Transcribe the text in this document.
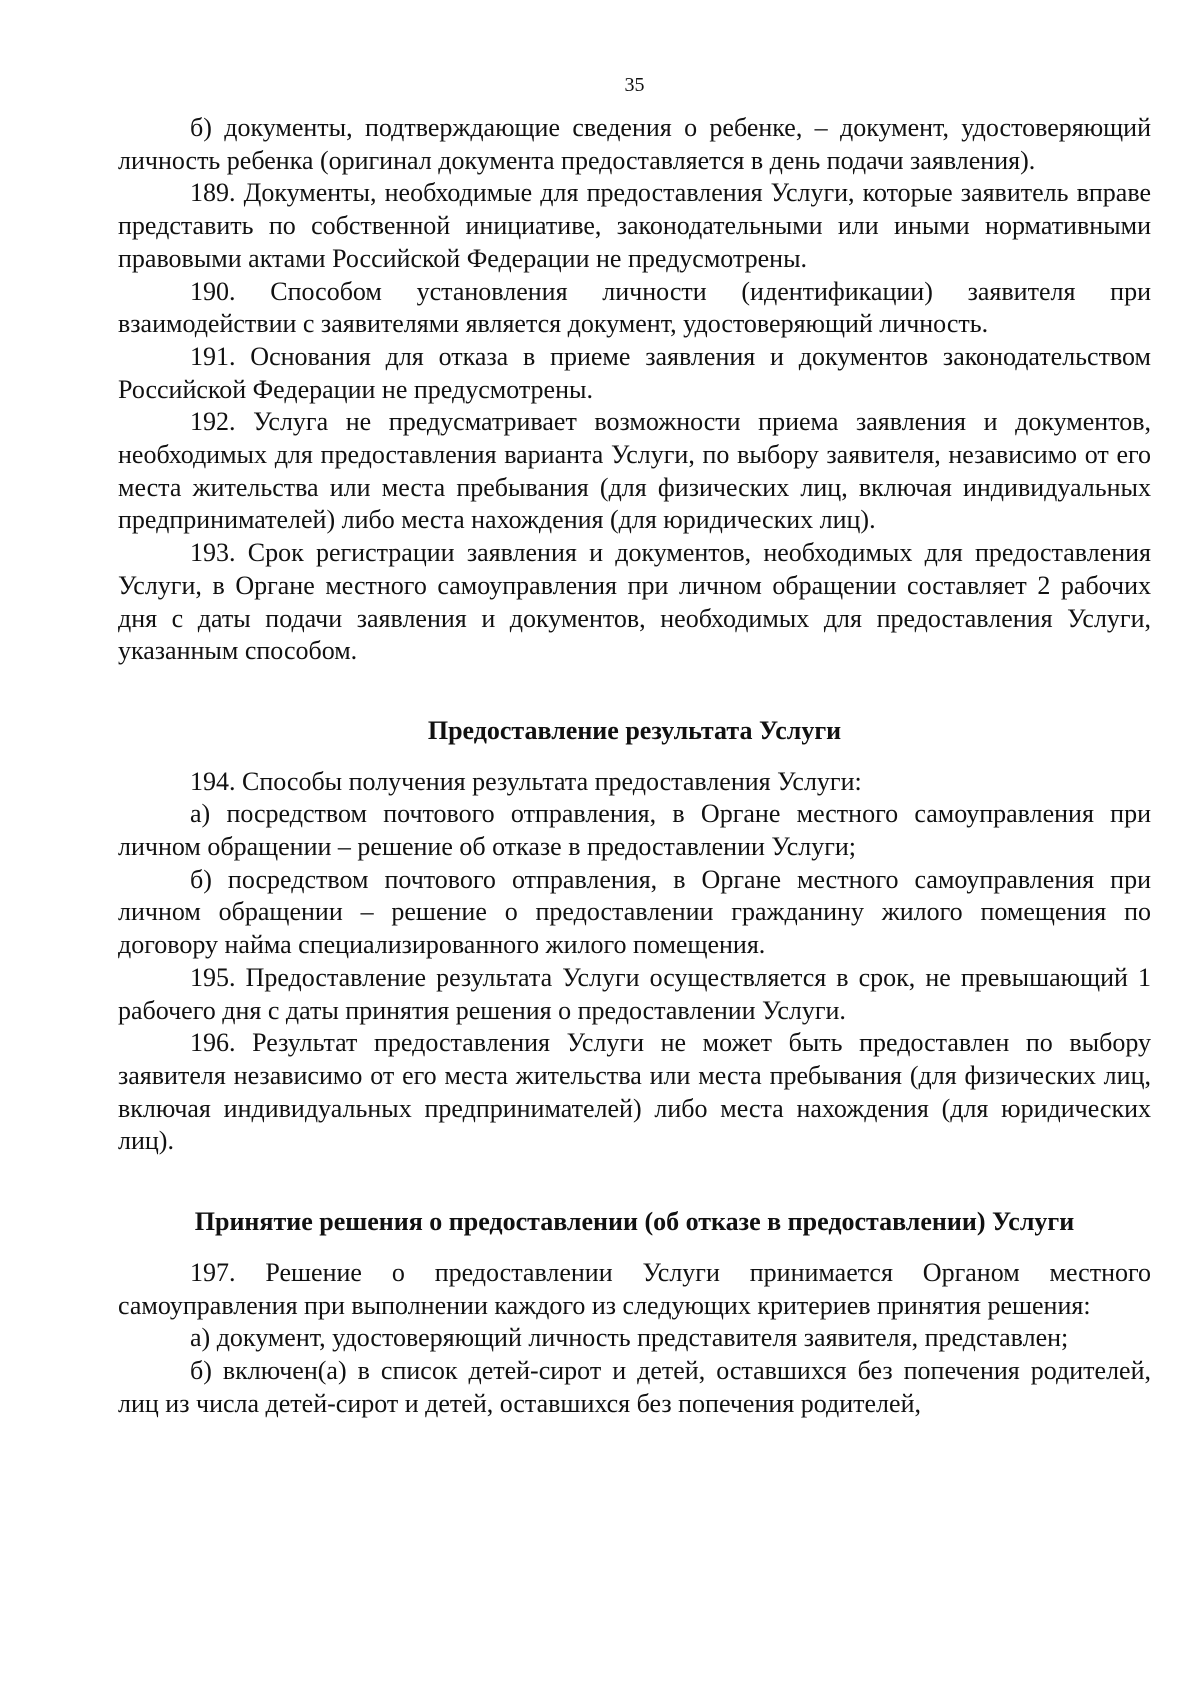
35

б) документы, подтверждающие сведения о ребенке, – документ, удостоверяющий личность ребенка (оригинал документа предоставляется в день подачи заявления).

189. Документы, необходимые для предоставления Услуги, которые заявитель вправе представить по собственной инициативе, законодательными или иными нормативными правовыми актами Российской Федерации не предусмотрены.

190. Способом установления личности (идентификации) заявителя при взаимодействии с заявителями является документ, удостоверяющий личность.

191. Основания для отказа в приеме заявления и документов законодательством Российской Федерации не предусмотрены.

192. Услуга не предусматривает возможности приема заявления и документов, необходимых для предоставления варианта Услуги, по выбору заявителя, независимо от его места жительства или места пребывания (для физических лиц, включая индивидуальных предпринимателей) либо места нахождения (для юридических лиц).

193. Срок регистрации заявления и документов, необходимых для предоставления Услуги, в Органе местного самоуправления при личном обращении составляет 2 рабочих дня с даты подачи заявления и документов, необходимых для предоставления Услуги, указанным способом.

Предоставление результата Услуги

194. Способы получения результата предоставления Услуги:

а) посредством почтового отправления, в Органе местного самоуправления при личном обращении – решение об отказе в предоставлении Услуги;

б) посредством почтового отправления, в Органе местного самоуправления при личном обращении – решение о предоставлении гражданину жилого помещения по договору найма специализированного жилого помещения.

195. Предоставление результата Услуги осуществляется в срок, не превышающий 1 рабочего дня с даты принятия решения о предоставлении Услуги.

196. Результат предоставления Услуги не может быть предоставлен по выбору заявителя независимо от его места жительства или места пребывания (для физических лиц, включая индивидуальных предпринимателей) либо места нахождения (для юридических лиц).

Принятие решения о предоставлении (об отказе в предоставлении) Услуги

197. Решение о предоставлении Услуги принимается Органом местного самоуправления при выполнении каждого из следующих критериев принятия решения:

а) документ, удостоверяющий личность представителя заявителя, представлен;

б) включен(а) в список детей-сирот и детей, оставшихся без попечения родителей, лиц из числа детей-сирот и детей, оставшихся без попечения родителей,
